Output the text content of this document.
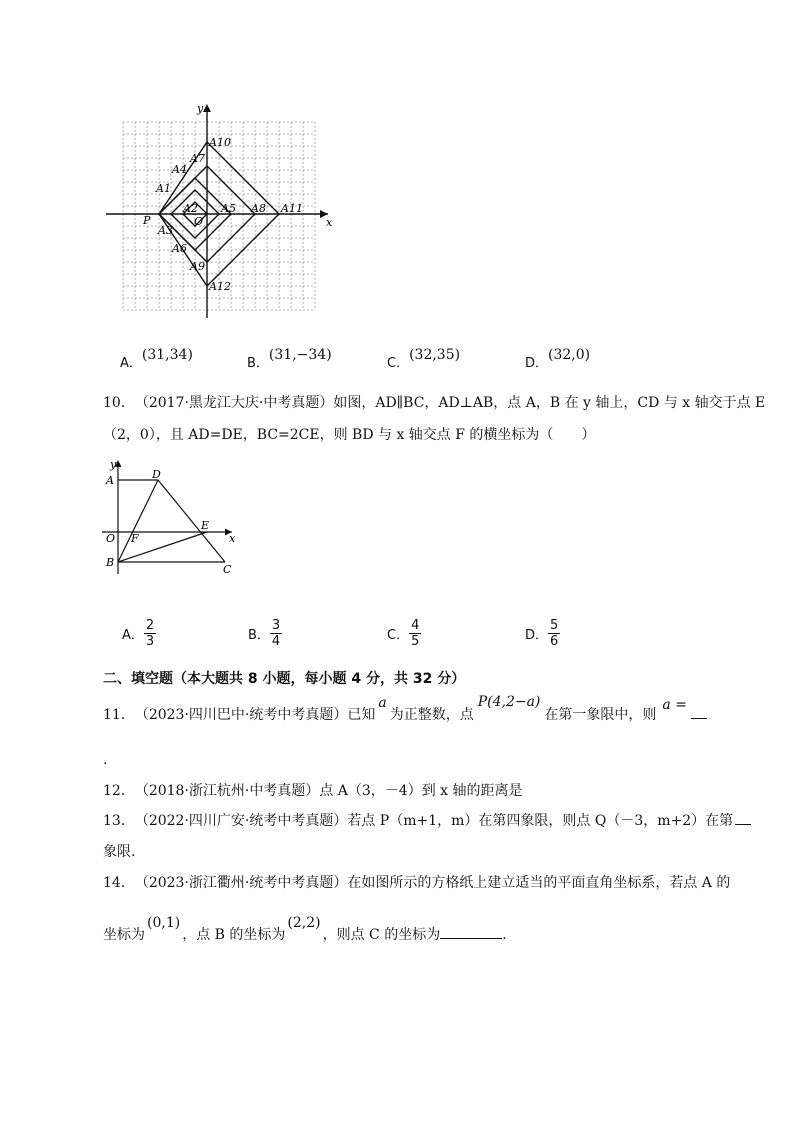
y
x
O
P
A1
A2
A3
A4
A5
A6
A7
A8
A9
A10
A11
A12
A．(31,34)
B．(31,−34)
C．(32,35)
D．(32,0)
10．　（2017·黑龙江大庆·中考真题）如图，AD∥BC，AD⊥AB，点 A，B 在 y 轴上，CD 与 x 轴交于点 E
（2，0），且 AD=DE，BC=2CE，则 BD 与 x 轴交点 F 的横坐标为（　　）
y
x
A	D
O F
E
B
C
A． $\frac{2}{3}$	B． $\frac{3}{4}$	C． $\frac{4}{5}$	D． $\frac{5}{6}$
二、填空题（本大题共 8 小题，每小题 4 分，共 32 分）
11．　（2023·四川巴中·统考中考真题）已知a为正整数，点P(4,2−a)在第一象限中，则a =
.
12．　（2018·浙江杭州·中考真题）点 A（3，－4）到 x 轴的距离是
13．　（2022·四川广安·统考中考真题）若点 P（m+1，m）在第四象限，则点 Q（－3，m+2）在第
象限.
14．　（2023·浙江衢州·统考中考真题）在如图所示的方格纸上建立适当的平面直角坐标系，若点 A 的
坐标为(0,1)，点 B 的坐标为(2,2)，则点 C 的坐标为	.
